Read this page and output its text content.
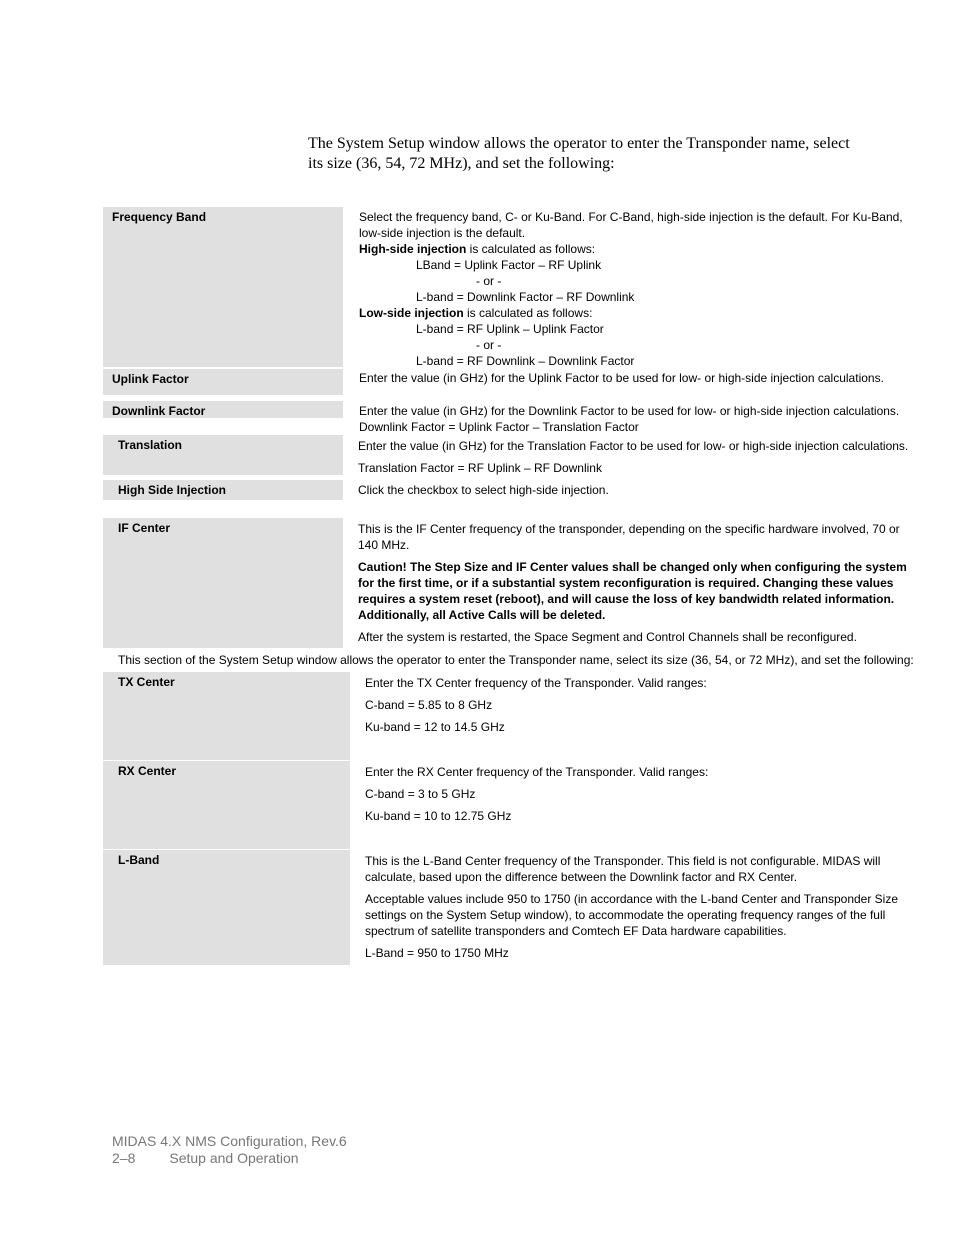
The System Setup window allows the operator to enter the Transponder name, select its size (36, 54, 72 MHz), and set the following:
Frequency Band	Select the frequency band, C- or Ku-Band. For C-Band, high-side injection is the default. For Ku-Band, low-side injection is the default.

High-side injection is calculated as follows:

LBand = Uplink Factor – RF Uplink

- or -

L-band = Downlink Factor – RF Downlink

Low-side injection is calculated as follows:

L-band = RF Uplink – Uplink Factor

- or -

L-band = RF Downlink – Downlink Factor

Uplink Factor	Enter the value (in GHz) for the Uplink Factor to be used for low- or high-side injection calculations.

Downlink Factor	Enter the value (in GHz) for the Downlink Factor to be used for low- or high-side injection calculations.

Downlink Factor = Uplink Factor – Translation Factor

Translation	Enter the value (in GHz) for the Translation Factor to be used for low- or high-side injection calculations.

Translation Factor = RF Uplink – RF Downlink

High Side Injection	Click the checkbox to select high-side injection.

IF Center	This is the IF Center frequency of the transponder, depending on the specific hardware involved, 70 or 140 MHz.

Caution! The Step Size and IF Center values shall be changed only when configuring the system for the first time, or if a substantial system reconfiguration is required. Changing these values requires a system reset (reboot), and will cause the loss of key bandwidth related information. Additionally, all Active Calls will be deleted.

After the system is restarted, the Space Segment and Control Channels shall be reconfigured.

This section of the System Setup window allows the operator to enter the Transponder name, select its size (36, 54, or 72 MHz), and set the following:
TX Center	Enter the TX Center frequency of the Transponder. Valid ranges:

C-band = 5.85 to 8 GHz

Ku-band = 12 to 14.5 GHz

RX Center	Enter the RX Center frequency of the Transponder. Valid ranges:

C-band = 3 to 5 GHz

Ku-band = 10 to 12.75 GHz

L-Band	This is the L-Band Center frequency of the Transponder. This field is not configurable. MIDAS will calculate, based upon the difference between the Downlink factor and RX Center.

Acceptable values include 950 to 1750 (in accordance with the L-band Center and Transponder Size settings on the System Setup window), to accommodate the operating frequency ranges of the full spectrum of satellite transponders and Comtech EF Data hardware capabilities.

L-Band = 950 to 1750 MHz

MIDAS 4.X NMS Configuration, Rev.6
2–8 Setup and Operation
